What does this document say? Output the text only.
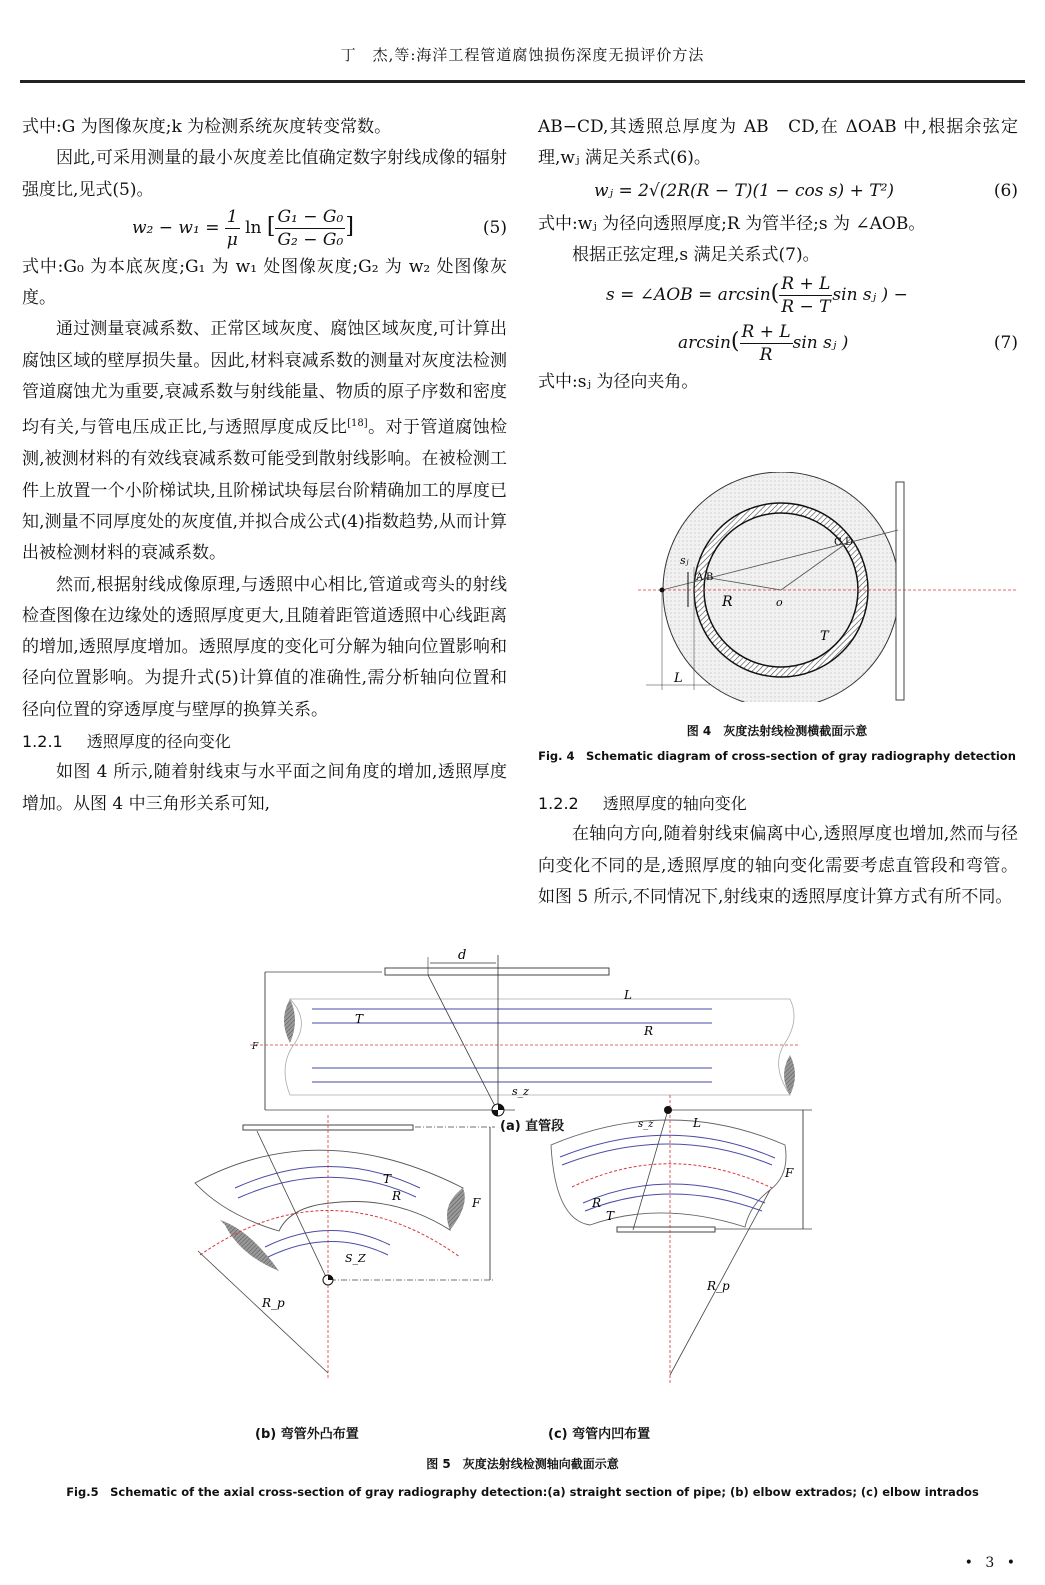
丁　杰,等:海洋工程管道腐蚀损伤深度无损评价方法
式中:G 为图像灰度;k 为检测系统灰度转变常数。
因此,可采用测量的最小灰度差比值确定数字射线成像的辐射强度比,见式(5)。
$w_2 - w_1 = \frac{1}{\mu}$ ln [ $\frac{\text{G₁ − G₀}}{\text{G₂ − G₀}}$ ]	(5)
式中:G₀ 为本底灰度;G₁ 为 w₁ 处图像灰度;G₂ 为 w₂ 处图像灰度。
通过测量衰减系数、正常区域灰度、腐蚀区域灰度,可计算出腐蚀区域的壁厚损失量。因此,材料衰减系数的测量对灰度法检测管道腐蚀尤为重要,衰减系数与射线能量、物质的原子序数和密度均有关,与管电压成正比,与透照厚度成反比[18]。对于管道腐蚀检测,被测材料的有效线衰减系数可能受到散射线影响。在被检测工件上放置一个小阶梯试块,且阶梯试块每层台阶精确加工的厚度已知,测量不同厚度处的灰度值,并拟合成公式(4)指数趋势,从而计算出被检测材料的衰减系数。
然而,根据射线成像原理,与透照中心相比,管道或弯头的射线检查图像在边缘处的透照厚度更大,且随着距管道透照中心线距离的增加,透照厚度增加。透照厚度的变化可分解为轴向位置影响和径向位置影响。为提升式(5)计算值的准确性,需分析轴向位置和径向位置的穿透厚度与壁厚的换算关系。
1.2.1 透照厚度的径向变化
如图 4 所示,随着射线束与水平面之间角度的增加,透照厚度增加。从图 4 中三角形关系可知,
AB−CD,其透照总厚度为 AB　CD,在 ΔOAB 中,根据余弦定理,wⱼ 满足关系式(6)。
wⱼ = 2√(2R(R − T)(1 − cos s) + T²)	(6)
式中:wⱼ 为径向透照厚度;R 为管半径;s 为 ∠AOB。
根据正弦定理,s 满足关系式(7)。
s = ∠AOB = $\arcsin( \frac{R + L}{R - T}$ sin sⱼ ) −
$\arcsin( \frac{R + L}{R}$ sin sⱼ )	(7)
式中:sⱼ 为径向夹角。
sⱼ
A B
C D
R	o
T
L
图 4　灰度法射线检测横截面示意
Fig. 4　Schematic diagram of cross-section of gray radiography detection
1.2.2 透照厚度的轴向变化
在轴向方向,随着射线束偏离中心,透照厚度也增加,然而与径向变化不同的是,透照厚度的轴向变化需要考虑直管段和弯管。如图 5 所示,不同情况下,射线束的透照厚度计算方式有所不同。
d
T
L
R
F
s_z
T
R	F
S_Z
R_p
s_z	L
R
T
F
R_p
(a) 直管段
(b) 弯管外凸布置	(c) 弯管内凹布置
图 5　灰度法射线检测轴向截面示意
Fig.5　Schematic of the axial cross-section of gray radiography detection:(a) straight section of pipe; (b) elbow extrados; (c) elbow intrados
• 3 •
